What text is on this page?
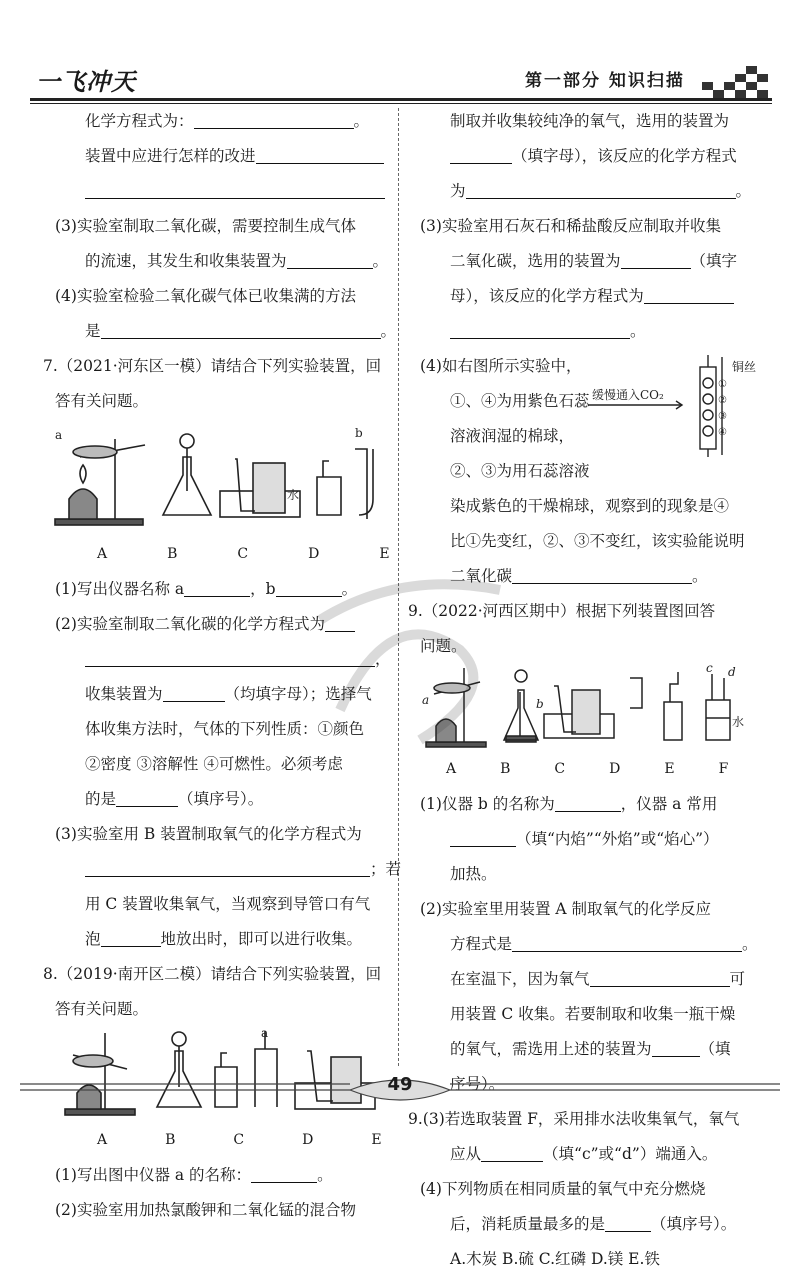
一飞冲天	第一部分 知识扫描

化学方程式为：	。

装置中应进行怎样的改进

(3)实验室制取二氧化碳，需要控制生成气体

的流速，其发生和收集装置为	。

(4)实验室检验二氧化碳气体已收集满的方法

是	。

7.（2021·河东区一模）请结合下列实验装置，回

答有关问题。

a	b
水
A	B	C	D	E

(1)写出仪器名称 a	，b	。

(2)实验室制取二氧化碳的化学方程式为

，

收集装置为	（均填字母）；选择气

体收集方法时，气体的下列性质：①颜色

②密度 ③溶解性 ④可燃性。必须考虑

的是	（填序号）。

(3)实验室用 B 装置制取氧气的化学方程式为

；若

用 C 装置收集氧气，当观察到导管口有气

泡	地放出时，即可以进行收集。

8.（2019·南开区二模）请结合下列实验装置，回

答有关问题。

a
A	B	C	D	E

(1)写出图中仪器 a 的名称：	。

(2)实验室用加热氯酸钾和二氧化锰的混合物

制取并收集较纯净的氧气，选用的装置为

（填字母），该反应的化学方程式

为	。

(3)实验室用石灰石和稀盐酸反应制取并收集

二氧化碳，选用的装置为	（填字

母），该反应的化学方程式为

。

(4)如右图所示实验中，

①、④为用紫色石蕊

溶液润湿的棉球，

②、③为用石蕊溶液

缓慢通入CO₂
铜丝
①
②
③
④

染成紫色的干燥棉球，观察到的现象是④

比①先变红，②、③不变红，该实验能说明

二氧化碳	。

9.（2022·河西区期中）根据下列装置图回答

问题。

a	b
c d
水
A	B	C	D	E	F

(1)仪器 b 的名称为	，仪器 a 常用

（填“内焰”“外焰”或“焰心”）

加热。

(2)实验室里用装置 A 制取氧气的化学反应

方程式是	。

在室温下，因为氧气	可

用装置 C 收集。若要制取和收集一瓶干燥

的氧气，需选用上述的装置为	（填

序号）。

9.(3)若选取装置 F，采用排水法收集氧气，氧气

应从	（填“c”或“d”）端通入。

(4)下列物质在相同质量的氧气中充分燃烧

后，消耗质量最多的是	（填序号）。

A.木炭 B.硫 C.红磷 D.镁 E.铁

49
